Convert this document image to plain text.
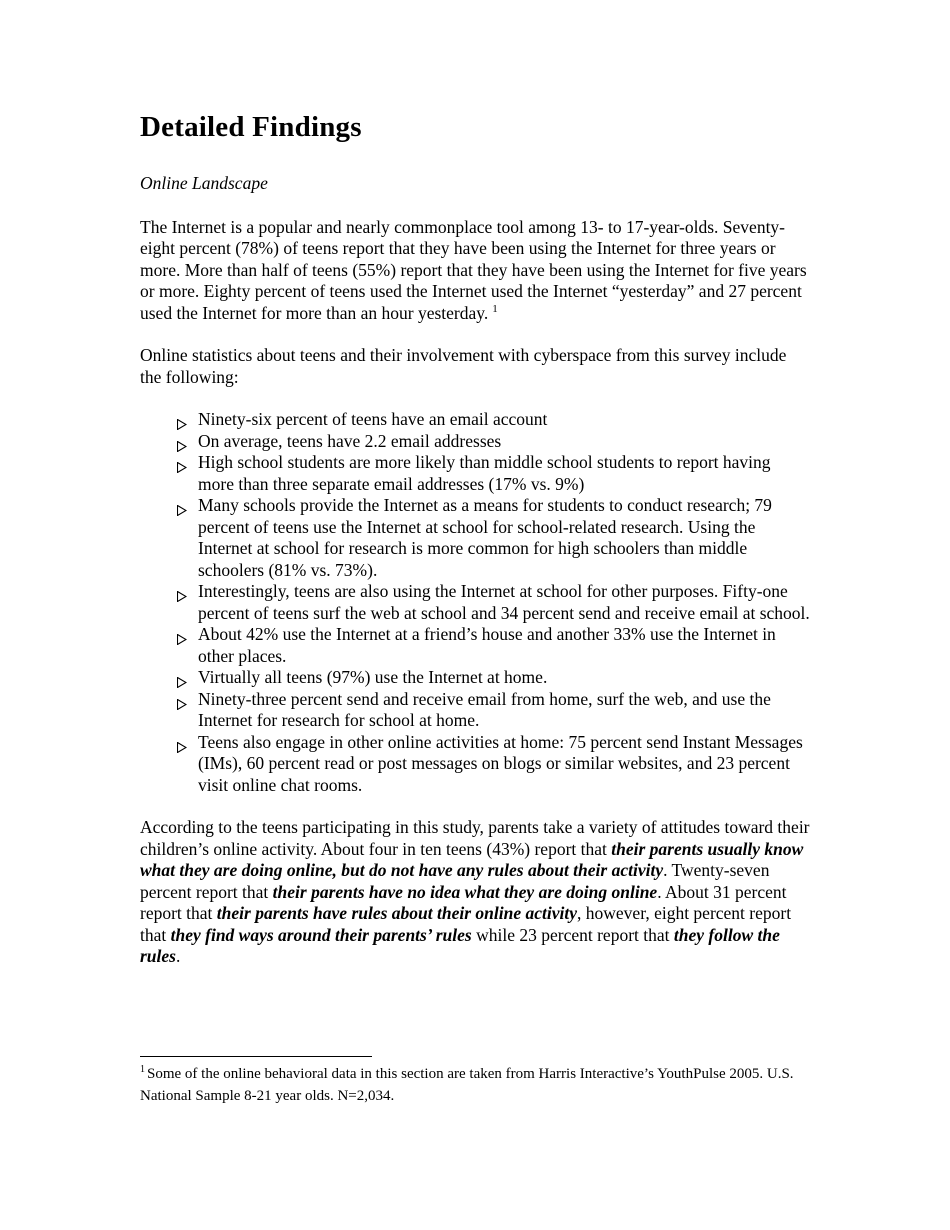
Detailed Findings

Online Landscape

The Internet is a popular and nearly commonplace tool among 13- to 17-year-olds. Seventy-eight percent (78%) of teens report that they have been using the Internet for three years or more. More than half of teens (55%) report that they have been using the Internet for five years or more. Eighty percent of teens used the Internet used the Internet “yesterday” and 27 percent used the Internet for more than an hour yesterday. $^1$

Online statistics about teens and their involvement with cyberspace from this survey include the following:

Ninety-six percent of teens have an email account
On average, teens have 2.2 email addresses
High school students are more likely than middle school students to report having more than three separate email addresses (17% vs. 9%)
Many schools provide the Internet as a means for students to conduct research; 79 percent of teens use the Internet at school for school-related research. Using the Internet at school for research is more common for high schoolers than middle schoolers (81% vs. 73%).
Interestingly, teens are also using the Internet at school for other purposes. Fifty-one percent of teens surf the web at school and 34 percent send and receive email at school.
About 42% use the Internet at a friend’s house and another 33% use the Internet in other places.
Virtually all teens (97%) use the Internet at home.
Ninety-three percent send and receive email from home, surf the web, and use the Internet for research for school at home.
Teens also engage in other online activities at home: 75 percent send Instant Messages (IMs), 60 percent read or post messages on blogs or similar websites, and 23 percent visit online chat rooms.

According to the teens participating in this study, parents take a variety of attitudes toward their children’s online activity. About four in ten teens (43%) report that their parents usually know what they are doing online, but do not have any rules about their activity. Twenty-seven percent report that their parents have no idea what they are doing online. About 31 percent report that their parents have rules about their online activity, however, eight percent report that they find ways around their parents’ rules while 23 percent report that they follow the rules.

$^1$ Some of the online behavioral data in this section are taken from Harris Interactive’s YouthPulse 2005. U.S. National Sample 8-21 year olds. N=2,034.
